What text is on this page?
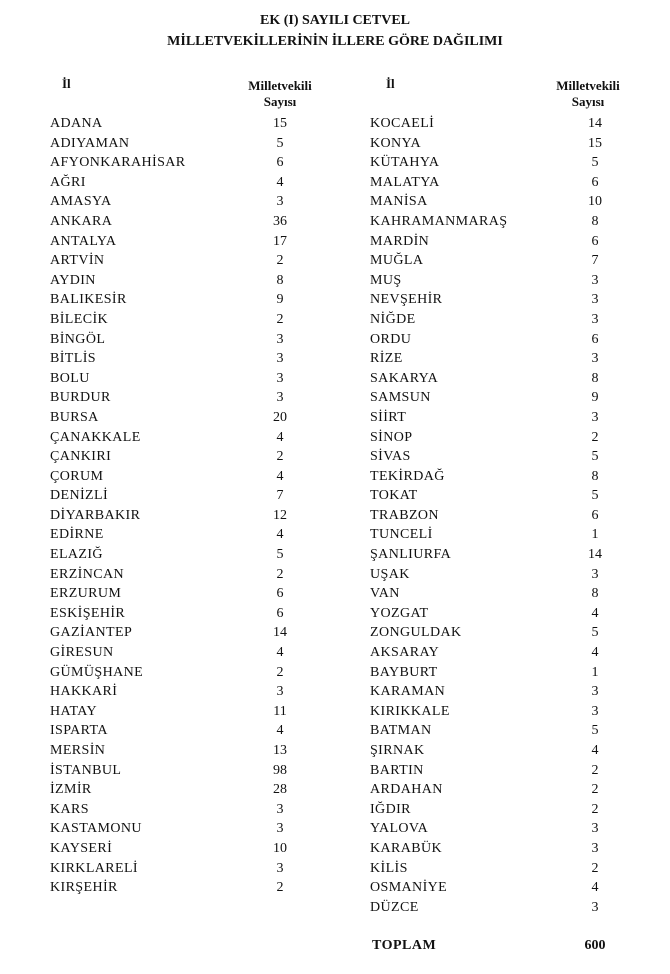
EK (I) SAYILI CETVEL
MİLLETVEKİLLERİNİN İLLERE GÖRE DAĞILIMI
İl	Milletvekili
Sayısı
İl	Milletvekili
Sayısı
ADANA	15
ADIYAMAN	5
AFYONKARAHİSAR	6
AĞRI	4
AMASYA	3
ANKARA	36
ANTALYA	17
ARTVİN	2
AYDIN	8
BALIKESİR	9
BİLECİK	2
BİNGÖL	3
BİTLİS	3
BOLU	3
BURDUR	3
BURSA	20
ÇANAKKALE	4
ÇANKIRI	2
ÇORUM	4
DENİZLİ	7
DİYARBAKIR	12
EDİRNE	4
ELAZIĞ	5
ERZİNCAN	2
ERZURUM	6
ESKİŞEHİR	6
GAZİANTEP	14
GİRESUN	4
GÜMÜŞHANE	2
HAKKARİ	3
HATAY	11
ISPARTA	4
MERSİN	13
İSTANBUL	98
İZMİR	28
KARS	3
KASTAMONU	3
KAYSERİ	10
KIRKLARELİ	3
KIRŞEHİR	2
KOCAELİ	14
KONYA	15
KÜTAHYA	5
MALATYA	6
MANİSA	10
KAHRAMANMARAŞ	8
MARDİN	6
MUĞLA	7
MUŞ	3
NEVŞEHİR	3
NİĞDE	3
ORDU	6
RİZE	3
SAKARYA	8
SAMSUN	9
SİİRT	3
SİNOP	2
SİVAS	5
TEKİRDAĞ	8
TOKAT	5
TRABZON	6
TUNCELİ	1
ŞANLIURFA	14
UŞAK	3
VAN	8
YOZGAT	4
ZONGULDAK	5
AKSARAY	4
BAYBURT	1
KARAMAN	3
KIRIKKALE	3
BATMAN	5
ŞIRNAK	4
BARTIN	2
ARDAHAN	2
IĞDIR	2
YALOVA	3
KARABÜK	3
KİLİS	2
OSMANİYE	4
DÜZCE	3
TOPLAM	600
